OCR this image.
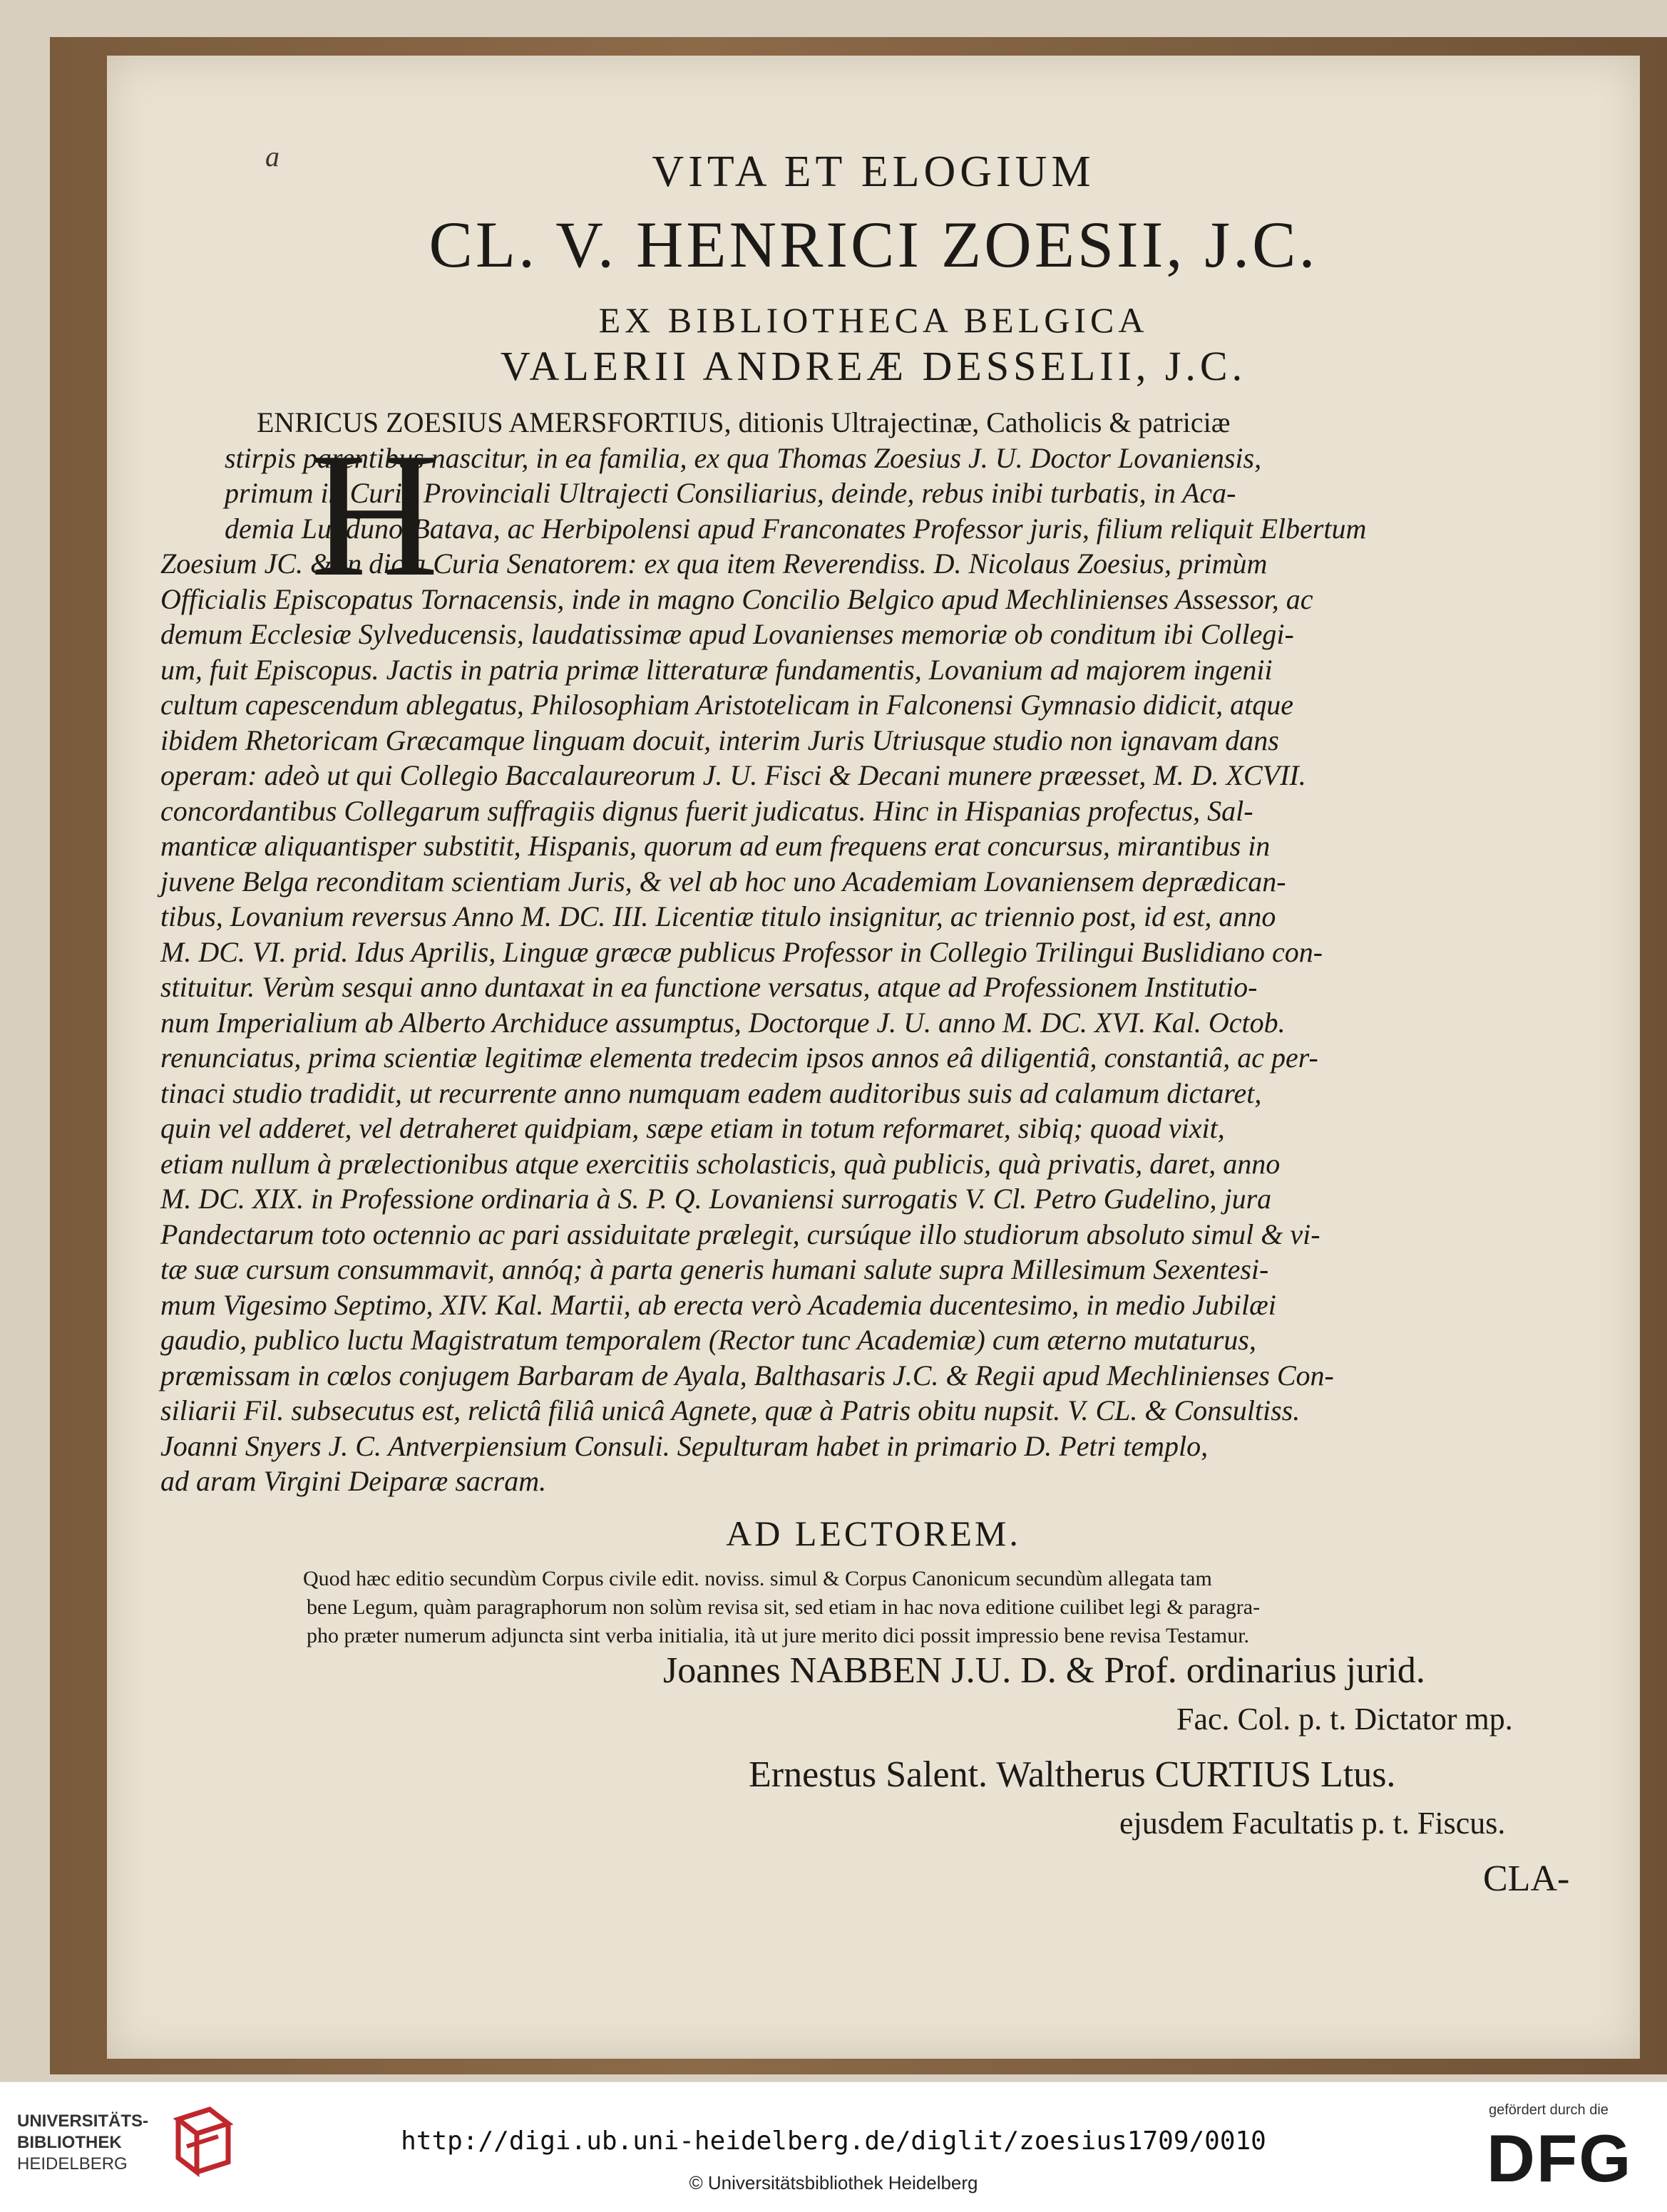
a	VITA ET ELOGIUM
CL. V. HENRICI ZOESII, J.C.
EX BIBLIOTHECA BELGICA
VALERII ANDREÆ DESSELII, J.C.
H
ENRICUS ZOESIUS AMERSFORTIUS, ditionis Ultrajectinæ, Catholicis & patriciæ
stirpis parentibus nascitur, in ea familia, ex qua Thomas Zoesius J. U. Doctor Lovaniensis,
primum in Curia Provinciali Ultrajecti Consiliarius, deinde, rebus inibi turbatis, in Aca-
demia Lugduno-Batava, ac Herbipolensi apud Franconates Professor juris, filium reliquit Elbertum
Zoesium JC. & in dicta Curia Senatorem: ex qua item Reverendiss. D. Nicolaus Zoesius, primùm
Officialis Episcopatus Tornacensis, inde in magno Concilio Belgico apud Mechlinienses Assessor, ac
demum Ecclesiæ Sylveducensis, laudatissimæ apud Lovanienses memoriæ ob conditum ibi Collegi-
um, fuit Episcopus. Jactis in patria primæ litteraturæ fundamentis, Lovanium ad majorem ingenii
cultum capescendum ablegatus, Philosophiam Aristotelicam in Falconensi Gymnasio didicit, atque
ibidem Rhetoricam Græcamque linguam docuit, interim Juris Utriusque studio non ignavam dans
operam: adeò ut qui Collegio Baccalaureorum J. U. Fisci & Decani munere præesset, M. D. XCVII.
concordantibus Collegarum suffragiis dignus fuerit judicatus. Hinc in Hispanias profectus, Sal-
manticæ aliquantisper substitit, Hispanis, quorum ad eum frequens erat concursus, mirantibus in
juvene Belga reconditam scientiam Juris, & vel ab hoc uno Academiam Lovaniensem deprædican-
tibus, Lovanium reversus Anno M. DC. III. Licentiæ titulo insignitur, ac triennio post, id est, anno
M. DC. VI. prid. Idus Aprilis, Linguæ græcæ publicus Professor in Collegio Trilingui Buslidiano con-
stituitur. Verùm sesqui anno duntaxat in ea functione versatus, atque ad Professionem Institutio-
num Imperialium ab Alberto Archiduce assumptus, Doctorque J. U. anno M. DC. XVI. Kal. Octob.
renunciatus, prima scientiæ legitimæ elementa tredecim ipsos annos eâ diligentiâ, constantiâ, ac per-
tinaci studio tradidit, ut recurrente anno numquam eadem auditoribus suis ad calamum dictaret,
quin vel adderet, vel detraheret quidpiam, sæpe etiam in totum reformaret, sibiq; quoad vixit,
etiam nullum à prælectionibus atque exercitiis scholasticis, quà publicis, quà privatis, daret, anno
M. DC. XIX. in Professione ordinaria à S. P. Q. Lovaniensi surrogatis V. Cl. Petro Gudelino, jura
Pandectarum toto octennio ac pari assiduitate prælegit, cursúque illo studiorum absoluto simul & vi-
tæ suæ cursum consummavit, annóq; à parta generis humani salute supra Millesimum Sexentesi-
mum Vigesimo Septimo, XIV. Kal. Martii, ab erecta verò Academia ducentesimo, in medio Jubilæi
gaudio, publico luctu Magistratum temporalem (Rector tunc Academiæ) cum æterno mutaturus,
præmissam in cœlos conjugem Barbaram de Ayala, Balthasaris J.C. & Regii apud Mechlinienses Con-
siliarii Fil. subsecutus est, relictâ filiâ unicâ Agnete, quæ à Patris obitu nupsit. V. CL. & Consultiss.
Joanni Snyers J. C. Antverpiensium Consuli. Sepulturam habet in primario D. Petri templo,
ad aram Virgini Deiparæ sacram.
AD LECTOREM.
Quod hæc editio secundùm Corpus civile edit. noviss. simul & Corpus Canonicum secundùm allegata tam
bene Legum, quàm paragraphorum non solùm revisa sit, sed etiam in hac nova editione cuilibet legi & paragra-
pho præter numerum adjuncta sint verba initialia, ità ut jure merito dici possit impressio bene revisa Testamur.
Joannes NABBEN J.U. D. & Prof. ordinarius jurid.
Fac. Col. p. t. Dictator mp.
Ernestus Salent. Waltherus CURTIUS Ltus.
ejusdem Facultatis p. t. Fiscus.
CLA-
UNIVERSITÄTS-
BIBLIOTHEK
HEIDELBERG
http://digi.ub.uni-heidelberg.de/diglit/zoesius1709/0010
© Universitätsbibliothek Heidelberg
gefördert durch die
DFG
